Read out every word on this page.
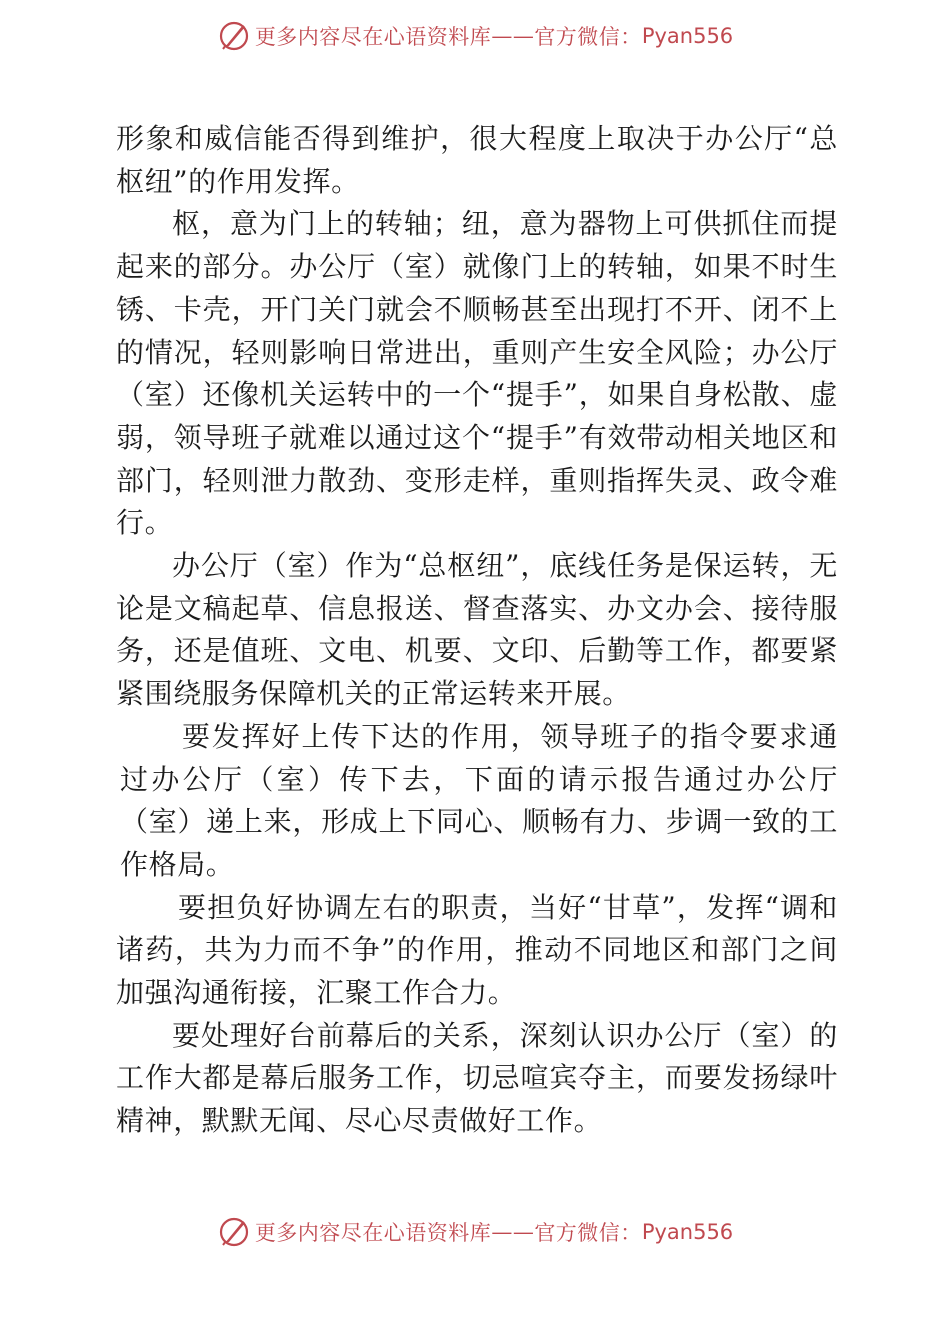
更多内容尽在心语资料库 —— 官方微信： Pyan556

形象和威信能否得到维护，很大程度上取决于办公厅“总枢纽”的作用发挥。

枢，意为门上的转轴；纽，意为器物上可供抓住而提起来的部分。办公厅（室）就像门上的转轴，如果不时生锈、卡壳，开门关门就会不顺畅甚至出现打不开、闭不上的情况，轻则影响日常进出，重则产生安全风险；办公厅（室）还像机关运转中的一个“提手”，如果自身松散、虚弱，领导班子就难以通过这个“提手”有效带动相关地区和部门，轻则泄力散劲、变形走样，重则指挥失灵、政令难行。

办公厅（室）作为“总枢纽”，底线任务是保运转，无论是文稿起草、信息报送、督查落实、办文办会、接待服务，还是值班、文电、机要、文印、后勤等工作，都要紧紧围绕服务保障机关的正常运转来开展。

要发挥好上传下达的作用，领导班子的指令要求通过办公厅（室）传下去，下面的请示报告通过办公厅（室）递上来，形成上下同心、顺畅有力、步调一致的工作格局。

要担负好协调左右的职责，当好“甘草”，发挥“调和诸药，共为力而不争”的作用，推动不同地区和部门之间加强沟通衔接，汇聚工作合力。

要处理好台前幕后的关系，深刻认识办公厅（室）的工作大都是幕后服务工作，切忌喧宾夺主，而要发扬绿叶精神，默默无闻、尽心尽责做好工作。

更多内容尽在心语资料库 —— 官方微信： Pyan556
